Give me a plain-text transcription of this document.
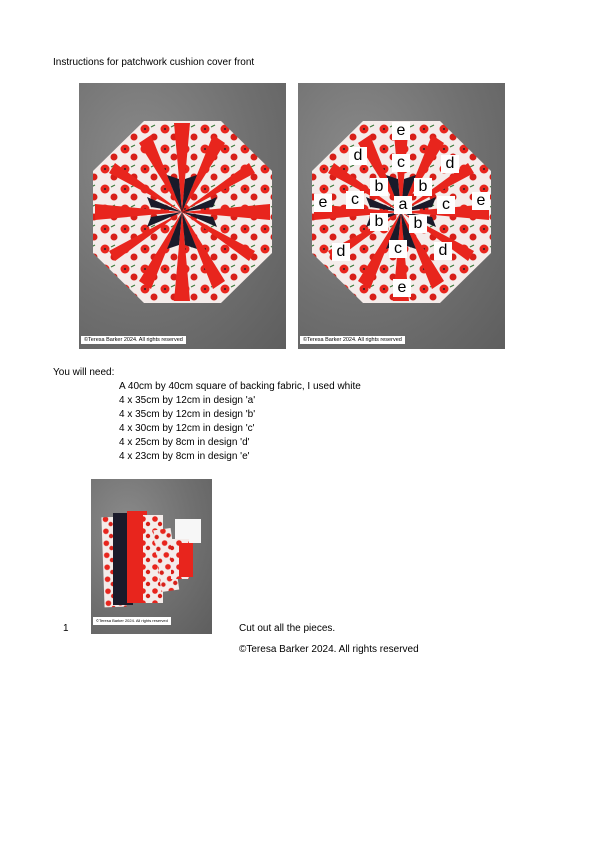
Instructions for patchwork cushion cover front
©Teresa Barker 2024. All rights reserved
e
d	c	d
b b
e	c	a	c	e
b b
d	c	d
e
©Teresa Barker 2024. All rights reserved
You will need:
A 40cm by 40cm square of backing fabric, I used white
4 x 35cm by 12cm in design 'a'
4 x 35cm by 12cm in design 'b'
4 x 30cm by 12cm in design 'c'
4 x 25cm by 8cm in design 'd'
4 x 23cm by 8cm in design 'e'
©Teresa Barker 2024. All rights reserved
1	Cut out all the pieces.
©Teresa Barker 2024. All rights reserved
